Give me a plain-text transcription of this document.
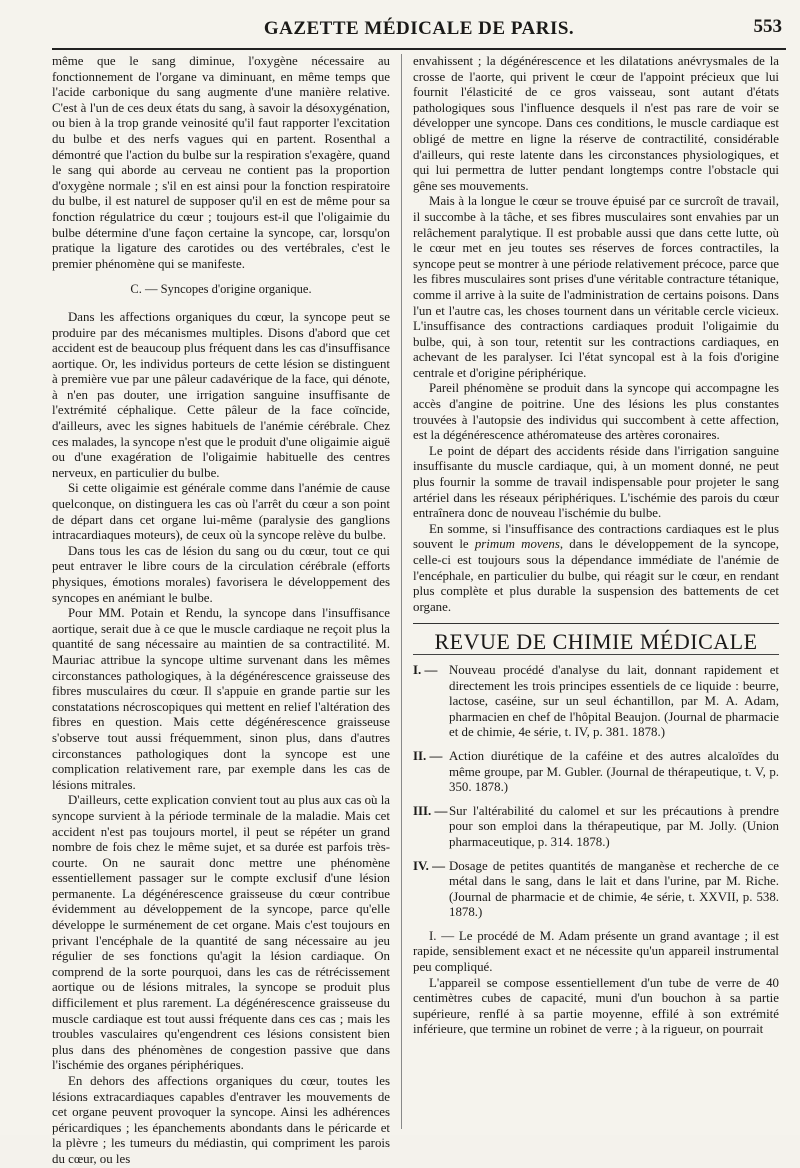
GAZETTE MÉDICALE DE PARIS.	553

même que le sang diminue, l'oxygène nécessaire au fonctionnement de l'organe va diminuant, en même temps que l'acide carbonique du sang augmente d'une manière relative. C'est à l'un de ces deux états du sang, à savoir la désoxygénation, ou bien à la trop grande veinosité qu'il faut rapporter l'excitation du bulbe et des nerfs vagues qui en partent. Rosenthal a démontré que l'action du bulbe sur la respiration s'exagère, quand le sang qui aborde au cerveau ne contient pas la proportion d'oxygène normale ; s'il en est ainsi pour la fonction respiratoire du bulbe, il est naturel de supposer qu'il en est de même pour sa fonction régulatrice du cœur ; toujours est-il que l'oligaimie du bulbe détermine d'une façon certaine la syncope, car, lorsqu'on pratique la ligature des carotides ou des vertébrales, c'est le premier phénomène qui se manifeste.

C. — Syncopes d'origine organique.

Dans les affections organiques du cœur, la syncope peut se produire par des mécanismes multiples. Disons d'abord que cet accident est de beaucoup plus fréquent dans les cas d'insuffisance aortique. Or, les individus porteurs de cette lésion se distinguent à première vue par une pâleur cadavérique de la face, qui dénote, à n'en pas douter, une irrigation sanguine insuffisante de l'extrémité céphalique. Cette pâleur de la face coïncide, d'ailleurs, avec les signes habituels de l'anémie cérébrale. Chez ces malades, la syncope n'est que le produit d'une oligaimie aiguë ou d'une exagération de l'oligaimie habituelle des centres nerveux, en particulier du bulbe.

Si cette oligaimie est générale comme dans l'anémie de cause quelconque, on distinguera les cas où l'arrêt du cœur a son point de départ dans cet organe lui-même (paralysie des ganglions intracardiaques moteurs), de ceux où la syncope relève du bulbe.

Dans tous les cas de lésion du sang ou du cœur, tout ce qui peut entraver le libre cours de la circulation cérébrale (efforts physiques, émotions morales) favorisera le développement des syncopes en anémiant le bulbe.

Pour MM. Potain et Rendu, la syncope dans l'insuffisance aortique, serait due à ce que le muscle cardiaque ne reçoit plus la quantité de sang nécessaire au maintien de sa contractilité. M. Mauriac attribue la syncope ultime survenant dans les mêmes circonstances pathologiques, à la dégénérescence graisseuse des fibres musculaires du cœur. Il s'appuie en grande partie sur les constatations nécroscopiques qui mettent en relief l'altération des fibres en question. Mais cette dégénérescence graisseuse s'observe tout aussi fréquemment, sinon plus, dans d'autres circonstances pathologiques dont la syncope est une complication relativement rare, par exemple dans les cas de lésions mitrales.

D'ailleurs, cette explication convient tout au plus aux cas où la syncope survient à la période terminale de la maladie. Mais cet accident n'est pas toujours mortel, il peut se répéter un grand nombre de fois chez le même sujet, et sa durée est parfois très-courte. On ne saurait donc mettre une phénomène essentiellement passager sur le compte exclusif d'une lésion permanente. La dégénérescence graisseuse du cœur contribue évidemment au développement de la syncope, parce qu'elle développe le surménement de cet organe. Mais c'est toujours en privant l'encéphale de la quantité de sang nécessaire au jeu régulier de ses fonctions qu'agit la lésion cardiaque. On comprend de la sorte pourquoi, dans les cas de rétrécissement aortique ou de lésions mitrales, la syncope se produit plus difficilement et plus rarement. La dégénérescence graisseuse du muscle cardiaque est tout aussi fréquente dans ces cas ; mais les troubles vasculaires qu'engendrent ces lésions consistent bien plus dans des phénomènes de congestion passive que dans l'ischémie des organes périphériques.

En dehors des affections organiques du cœur, toutes les lésions extracardiaques capables d'entraver les mouvements de cet organe peuvent provoquer la syncope. Ainsi les adhérences péricardiques ; les épanchements abondants dans le péricarde et la plèvre ; les tumeurs du médiastin, qui compriment les parois du cœur, ou les

envahissent ; la dégénérescence et les dilatations anévrysmales de la crosse de l'aorte, qui privent le cœur de l'appoint précieux que lui fournit l'élasticité de ce gros vaisseau, sont autant d'états pathologiques sous l'influence desquels il n'est pas rare de voir se développer une syncope. Dans ces conditions, le muscle cardiaque est obligé de mettre en ligne la réserve de contractilité, considérable d'ailleurs, qui reste latente dans les circonstances physiologiques, et qui lui permettra de lutter pendant longtemps contre l'obstacle qui gêne ses mouvements.

Mais à la longue le cœur se trouve épuisé par ce surcroît de travail, il succombe à la tâche, et ses fibres musculaires sont envahies par un relâchement paralytique. Il est probable aussi que dans cette lutte, où le cœur met en jeu toutes ses réserves de forces contractiles, la syncope peut se montrer à une période relativement précoce, parce que les fibres musculaires sont prises d'une véritable contracture tétanique, comme il arrive à la suite de l'administration de certains poisons. Dans l'un et l'autre cas, les choses tournent dans un véritable cercle vicieux. L'insuffisance des contractions cardiaques produit l'oligaimie du bulbe, qui, à son tour, retentit sur les contractions cardiaques, en achevant de les paralyser. Ici l'état syncopal est à la fois d'origine centrale et d'origine périphérique.

Pareil phénomène se produit dans la syncope qui accompagne les accès d'angine de poitrine. Une des lésions les plus constantes trouvées à l'autopsie des individus qui succombent à cette affection, est la dégénérescence athéromateuse des artères coronaires.

Le point de départ des accidents réside dans l'irrigation sanguine insuffisante du muscle cardiaque, qui, à un moment donné, ne peut plus fournir la somme de travail indispensable pour projeter le sang artériel dans les réseaux périphériques. L'ischémie des parois du cœur entraînera donc de nouveau l'ischémie du bulbe.

En somme, si l'insuffisance des contractions cardiaques est le plus souvent le primum movens, dans le développement de la syncope, celle-ci est toujours sous la dépendance immédiate de l'anémie de l'encéphale, en particulier du bulbe, qui réagit sur le cœur, en rendant plus complète et plus durable la suspension des battements de cet organe.

REVUE DE CHIMIE MÉDICALE

I. — Nouveau procédé d'analyse du lait, donnant rapidement et directement les trois principes essentiels de ce liquide : beurre, lactose, caséine, sur un seul échantillon, par M. A. Adam, pharmacien en chef de l'hôpital Beaujon. (Journal de pharmacie et de chimie, 4e série, t. IV, p. 381. 1878.)
II. — Action diurétique de la caféine et des autres alcaloïdes du même groupe, par M. Gubler. (Journal de thérapeutique, t. V, p. 350. 1878.)
III. — Sur l'altérabilité du calomel et sur les précautions à prendre pour son emploi dans la thérapeutique, par M. Jolly. (Union pharmaceutique, p. 314. 1878.)
IV. — Dosage de petites quantités de manganèse et recherche de ce métal dans le sang, dans le lait et dans l'urine, par M. Riche. (Journal de pharmacie et de chimie, 4e série, t. XXVII, p. 538. 1878.)

I. — Le procédé de M. Adam présente un grand avantage ; il est rapide, sensiblement exact et ne nécessite qu'un appareil instrumental peu compliqué.

L'appareil se compose essentiellement d'un tube de verre de 40 centimètres cubes de capacité, muni d'un bouchon à sa partie supérieure, renflé à sa partie moyenne, effilé à son extrémité inférieure, que termine un robinet de verre ; à la rigueur, on pourrait
